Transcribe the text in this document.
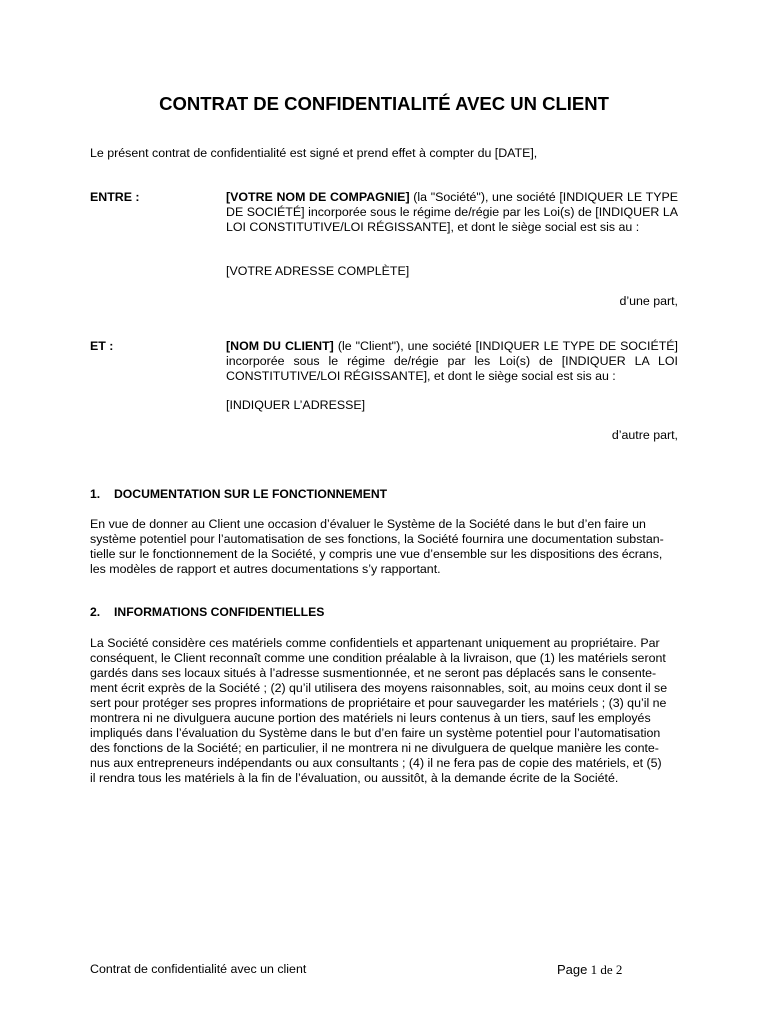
CONTRAT DE CONFIDENTIALITÉ AVEC UN CLIENT

Le présent contrat de confidentialité est signé et prend effet à compter du [DATE],

ENTRE :	[VOTRE NOM DE COMPAGNIE] (la "Société"), une société [INDIQUER LE TYPE DE SOCIÉTÉ] incorporée sous le régime de/régie par les Loi(s) de [INDIQUER LA LOI CONSTITUTIVE/LOI RÉGISSANTE], et dont le siège social est sis au :
[VOTRE ADRESSE COMPLÈTE]
d’une part,
ET :	[NOM DU CLIENT] (le "Client"), une société [INDIQUER LE TYPE DE SOCIÉTÉ] incorporée sous le régime de/régie par les Loi(s) de [INDIQUER LA LOI CONSTITUTIVE/LOI RÉGISSANTE], et dont le siège social est sis au :
[INDIQUER L’ADRESSE]
d’autre part,
1. DOCUMENTATION SUR LE FONCTIONNEMENT
En vue de donner au Client une occasion d’évaluer le Système de la Société dans le but d’en faire un
système potentiel pour l’automatisation de ses fonctions, la Société fournira une documentation substan-
tielle sur le fonctionnement de la Société, y compris une vue d’ensemble sur les dispositions des écrans,
les modèles de rapport et autres documentations s’y rapportant.
2. INFORMATIONS CONFIDENTIELLES
La Société considère ces matériels comme confidentiels et appartenant uniquement au propriétaire. Par
conséquent, le Client reconnaît comme une condition préalable à la livraison, que (1) les matériels seront
gardés dans ses locaux situés à l’adresse susmentionnée, et ne seront pas déplacés sans le consente-
ment écrit exprès de la Société ; (2) qu’il utilisera des moyens raisonnables, soit, au moins ceux dont il se
sert pour protéger ses propres informations de propriétaire et pour sauvegarder les matériels ; (3) qu’il ne
montrera ni ne divulguera aucune portion des matériels ni leurs contenus à un tiers, sauf les employés
impliqués dans l’évaluation du Système dans le but d’en faire un système potentiel pour l’automatisation
des fonctions de la Société; en particulier, il ne montrera ni ne divulguera de quelque manière les conte-
nus aux entrepreneurs indépendants ou aux consultants ; (4) il ne fera pas de copie des matériels, et (5)
il rendra tous les matériels à la fin de l’évaluation, ou aussitôt, à la demande écrite de la Société.
Contrat de confidentialité avec un client	Page 1 de 2
